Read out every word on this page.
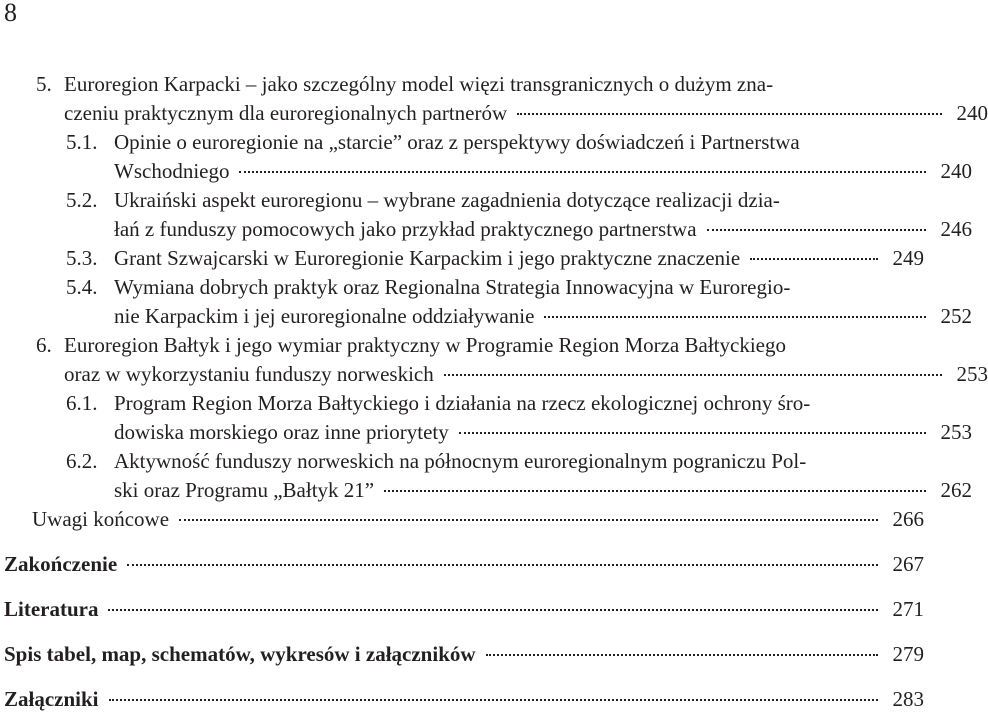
8
5. Euroregion Karpacki – jako szczególny model więzi transgranicznych o dużym zna-
czeniu praktycznym dla euroregionalnych partnerów	240
5.1. Opinie o euroregionie na „starcie” oraz z perspektywy doświadczeń i Partnerstwa
Wschodniego	240
5.2. Ukraiński aspekt euroregionu – wybrane zagadnienia dotyczące realizacji dzia-
łań z funduszy pomocowych jako przykład praktycznego partnerstwa	246
5.3. Grant Szwajcarski w Euroregionie Karpackim i jego praktyczne znaczenie	249
5.4. Wymiana dobrych praktyk oraz Regionalna Strategia Innowacyjna w Euroregio-
nie Karpackim i jej euroregionalne oddziaływanie	252
6. Euroregion Bałtyk i jego wymiar praktyczny w Programie Region Morza Bałtyckiego
oraz w wykorzystaniu funduszy norweskich	253
6.1. Program Region Morza Bałtyckiego i działania na rzecz ekologicznej ochrony śro-
dowiska morskiego oraz inne priorytety	253
6.2. Aktywność funduszy norweskich na północnym euroregionalnym pograniczu Pol-
ski oraz Programu „Bałtyk 21”	262
Uwagi końcowe	266
Zakończenie	267
Literatura	271
Spis tabel, map, schematów, wykresów i załączników	279
Załączniki	283
